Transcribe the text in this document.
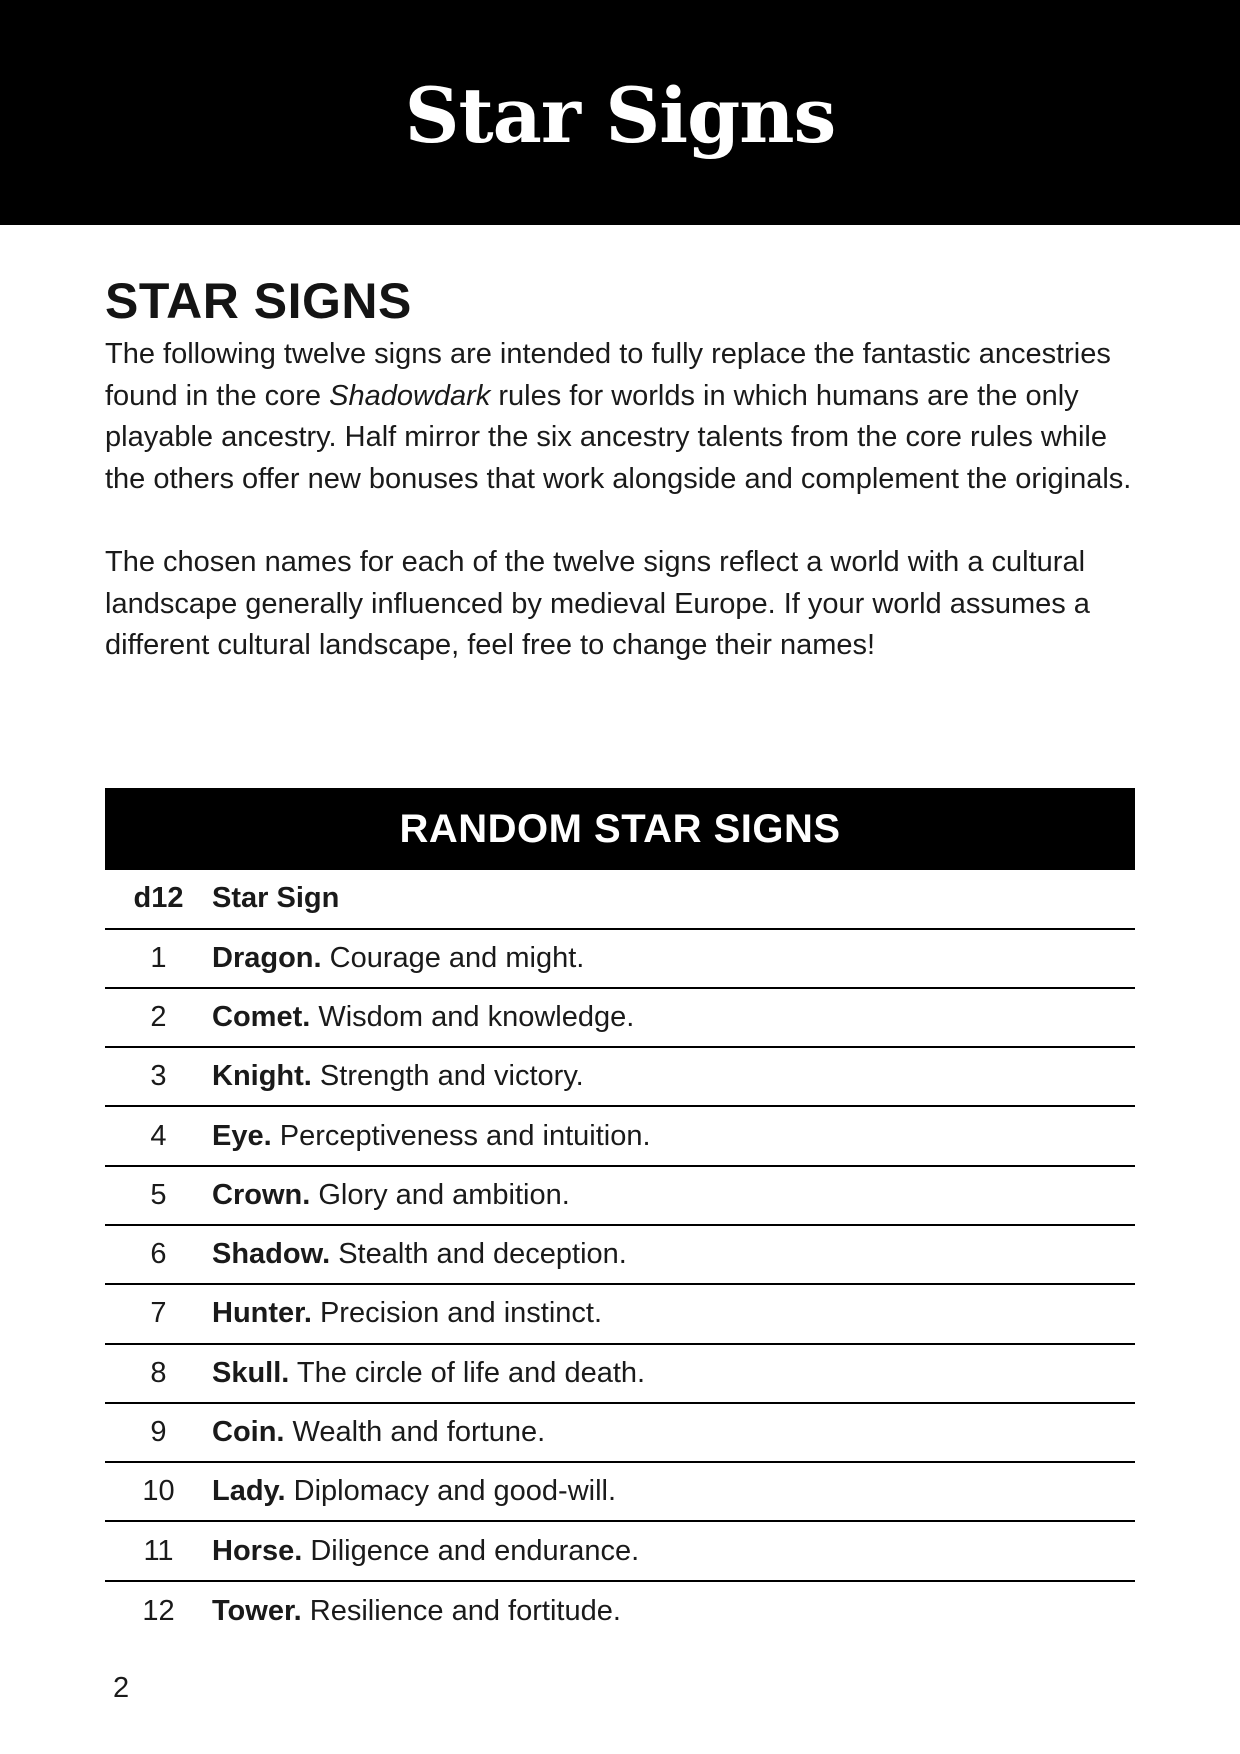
Star Signs
STAR SIGNS

The following twelve signs are intended to fully replace the fantastic ancestries found in the core Shadowdark rules for worlds in which humans are the only playable ancestry. Half mirror the six ancestry talents from the core rules while the others offer new bonuses that work alongside and complement the originals.

The chosen names for each of the twelve signs reflect a world with a cultural landscape generally influenced by medieval Europe. If your world assumes a different cultural landscape, feel free to change their names!

RANDOM STAR SIGNS
d12 Star Sign
1	Dragon. Courage and might.
2	Comet. Wisdom and knowledge.
3	Knight. Strength and victory.
4	Eye. Perceptiveness and intuition.
5	Crown. Glory and ambition.
6	Shadow. Stealth and deception.
7	Hunter. Precision and instinct.
8	Skull. The circle of life and death.
9	Coin. Wealth and fortune.
10	Lady. Diplomacy and good-will.
11	Horse. Diligence and endurance.
12	Tower. Resilience and fortitude.
2
